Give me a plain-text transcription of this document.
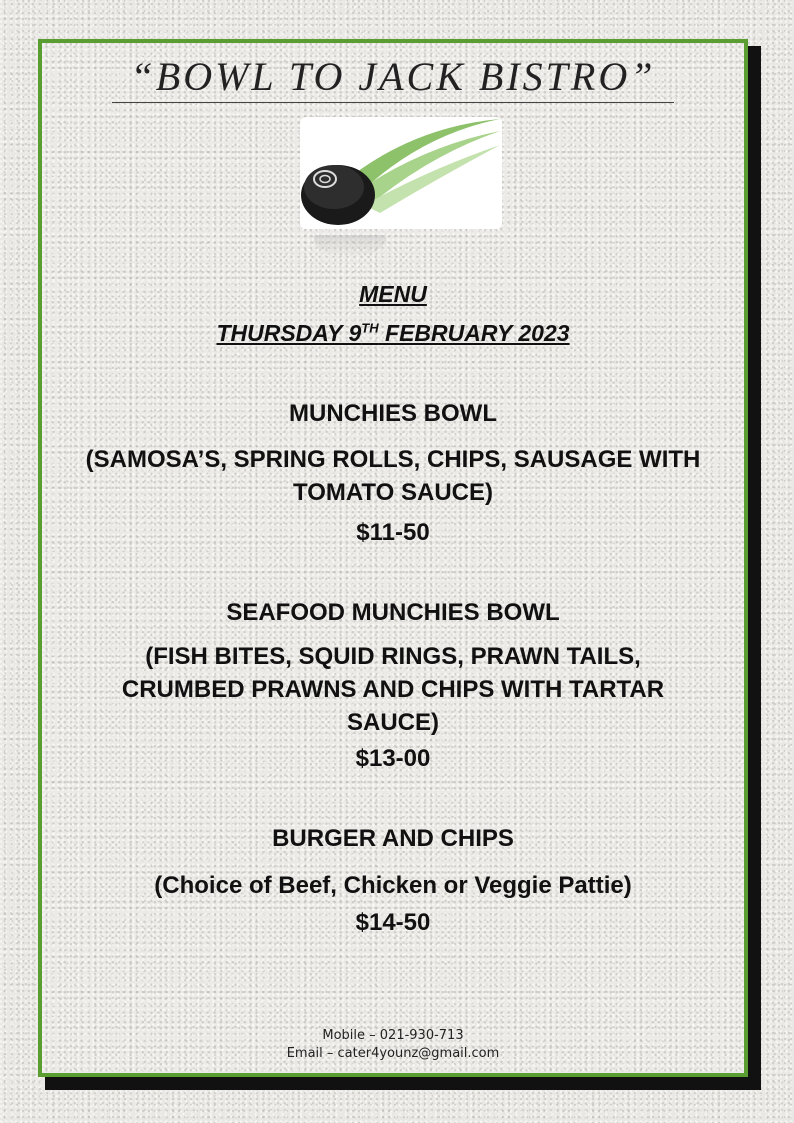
“BOWL TO JACK BISTRO”

MENU

THURSDAY 9TH FEBRUARY 2023

MUNCHIES BOWL

(SAMOSA’S, SPRING ROLLS, CHIPS, SAUSAGE WITH TOMATO SAUCE)

$11-50

SEAFOOD MUNCHIES BOWL

(FISH BITES, SQUID RINGS, PRAWN TAILS, CRUMBED PRAWNS AND CHIPS WITH TARTAR SAUCE)

$13-00

BURGER AND CHIPS

(Choice of Beef, Chicken or Veggie Pattie)

$14-50

Mobile – 021-930-713
Email – cater4younz@gmail.com
